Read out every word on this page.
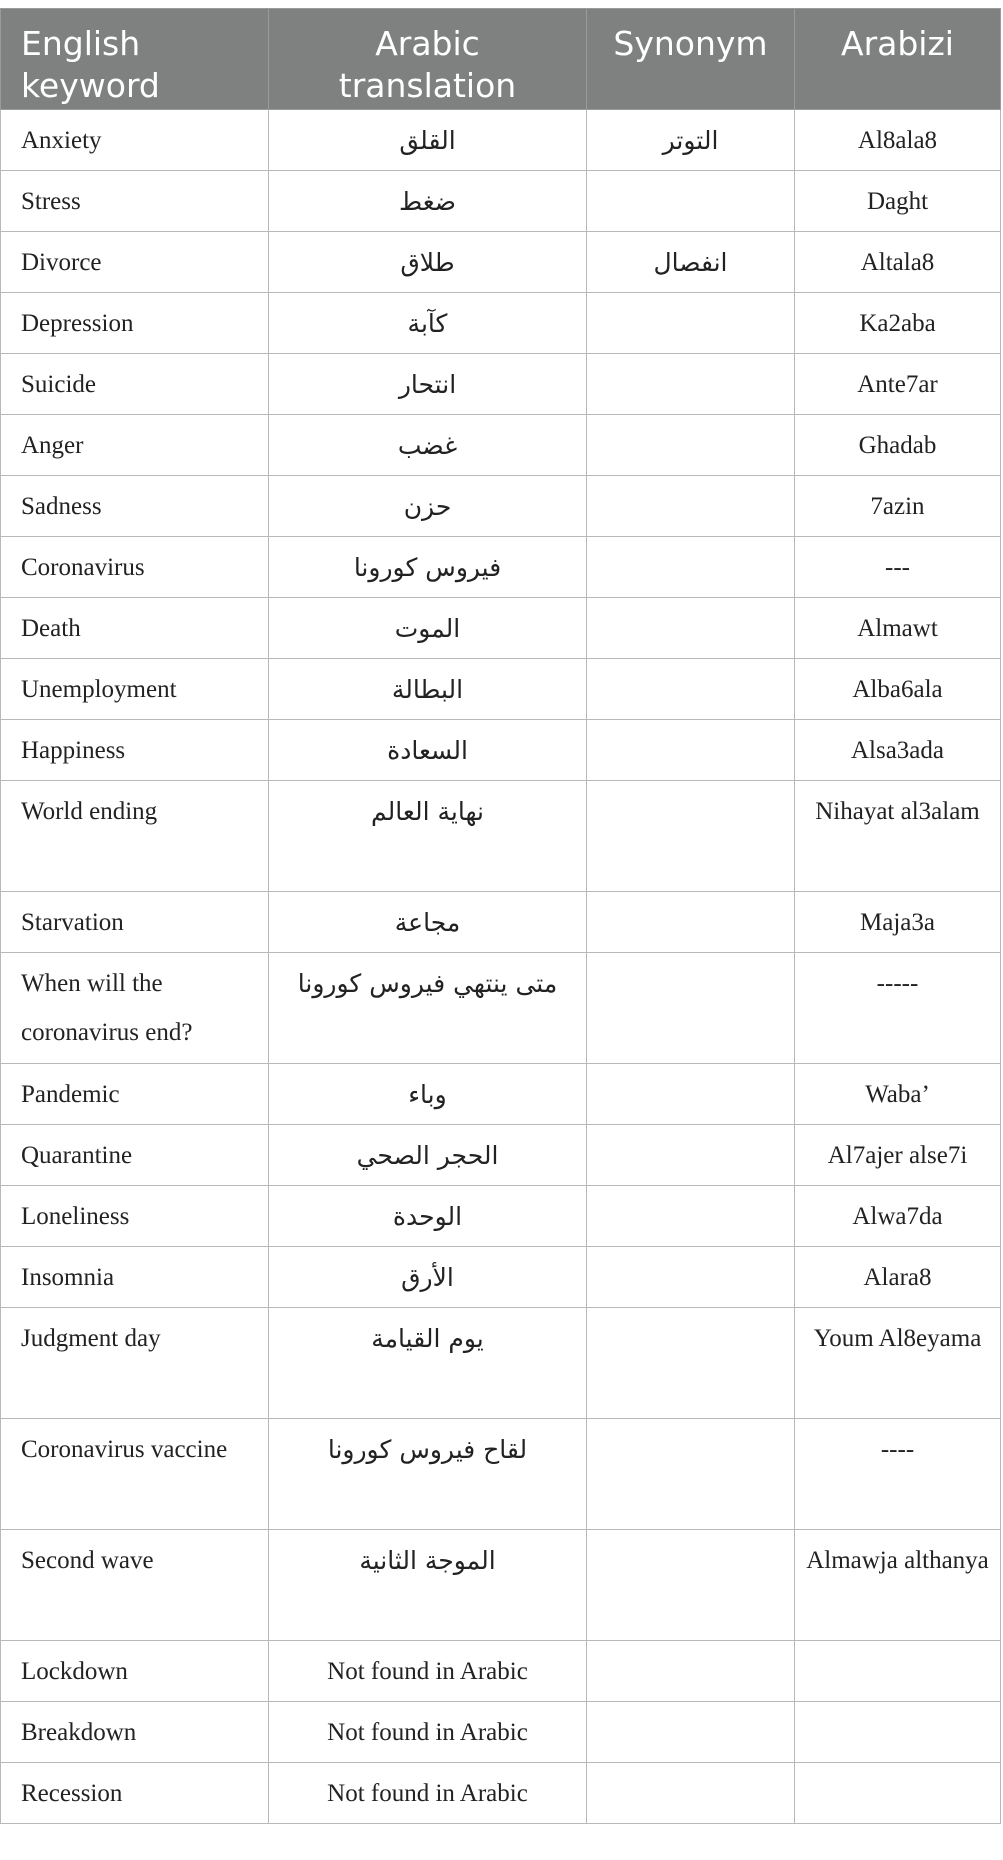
English keyword	Arabic translation	Synonym	Arabizi
Anxiety	القلق	التوتر	Al8ala8
Stress	ضغط		Daght
Divorce	طلاق	انفصال	Altala8
Depression	كآبة		Ka2aba
Suicide	انتحار		Ante7ar
Anger	غضب		Ghadab
Sadness	حزن		7azin
Coronavirus	فيروس كورونا		---
Death	الموت		Almawt
Unemployment	البطالة		Alba6ala
Happiness	السعادة		Alsa3ada
World ending	نهاية العالم		Nihayat al3alam
Starvation	مجاعة		Maja3a
When will the coronavirus end?	متى ينتهي فيروس كورونا		-----
Pandemic	وباء		Waba’
Quarantine	الحجر الصحي		Al7ajer alse7i
Loneliness	الوحدة		Alwa7da
Insomnia	الأرق		Alara8
Judgment day	يوم القيامة		Youm Al8eyama
Coronavirus vaccine	لقاح فيروس كورونا		----
Second wave	الموجة الثانية		Almawja althanya
Lockdown	Not found in Arabic		
Breakdown	Not found in Arabic		
Recession	Not found in Arabic		
